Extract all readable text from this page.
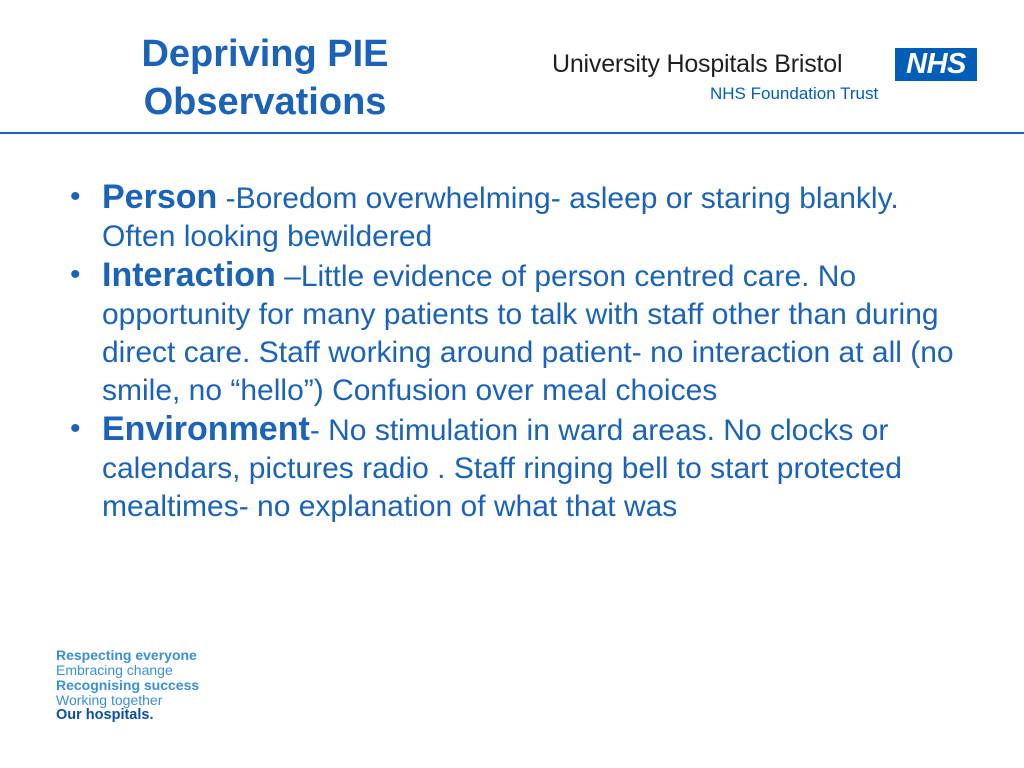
Depriving PIE
Observations
University Hospitals Bristol	NHS
NHS Foundation Trust
• Person -Boredom overwhelming- asleep or staring blankly. Often looking bewildered
• Interaction –Little evidence of person centred care. No opportunity for many patients to talk with staff other than during direct care. Staff working around patient- no interaction at all (no smile, no “hello”) Confusion over meal choices
• Environment- No stimulation in ward areas. No clocks or calendars, pictures radio . Staff ringing bell to start protected mealtimes- no explanation of what that was
Respecting everyone
Embracing change
Recognising success
Working together
Our hospitals.
